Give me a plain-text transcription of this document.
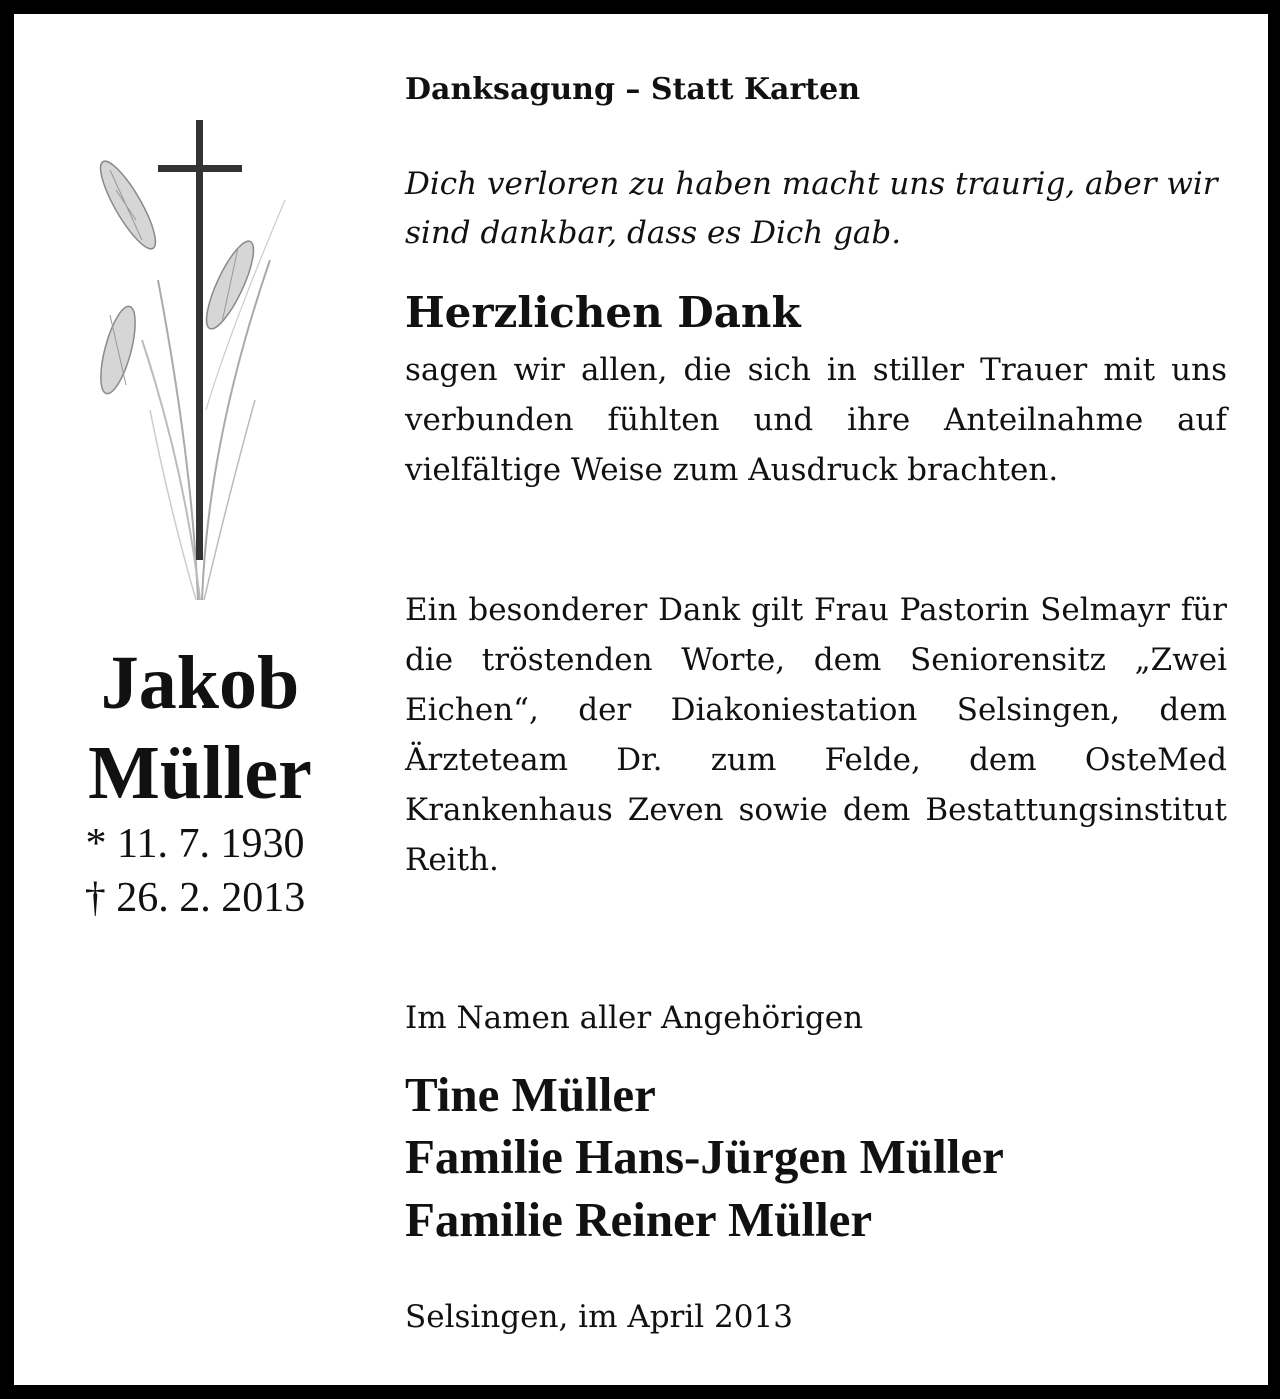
Jakob
Müller
* 11. 7. 1930
† 26. 2. 2013
Danksagung – Statt Karten
Dich verloren zu haben macht uns traurig, aber wir sind dankbar, dass es Dich gab.
Herzlichen Dank
sagen wir allen, die sich in stiller Trauer mit uns verbunden fühlten und ihre Anteilnahme auf vielfältige Weise zum Ausdruck brachten.
Ein besonderer Dank gilt Frau Pastorin Selmayr für die tröstenden Worte, dem Seniorensitz „Zwei Eichen“, der Diakoniestation Selsingen, dem Ärzteteam Dr. zum Felde, dem OsteMed Krankenhaus Zeven sowie dem Bestattungsinstitut Reith.
Im Namen aller Angehörigen
Tine Müller
Familie Hans-Jürgen Müller
Familie Reiner Müller
Selsingen, im April 2013
